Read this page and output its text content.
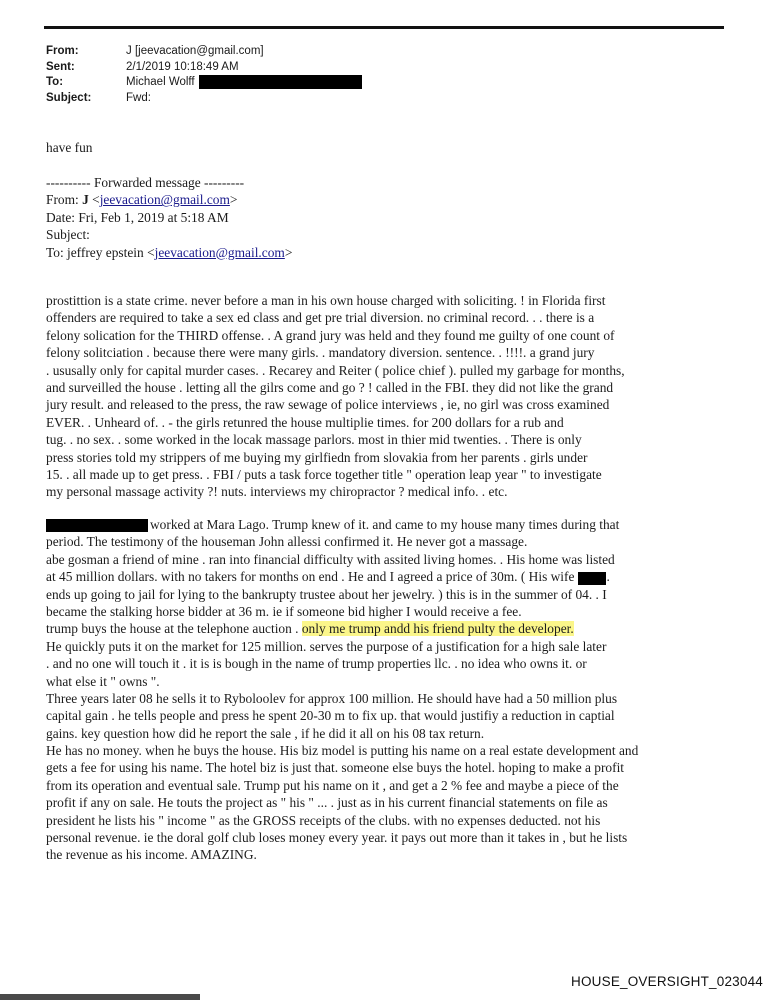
From:	J [jeevacation@gmail.com]
Sent:	2/1/2019 10:18:49 AM
To:	Michael Wolff
Subject:	Fwd:
have fun
---------- Forwarded message ---------
From: J <jeevacation@gmail.com>
Date: Fri, Feb 1, 2019 at 5:18 AM
Subject:
To: jeffrey epstein <jeevacation@gmail.com>
prostittion is a state crime. never before a man in his own house charged with soliciting. ! in Florida first
offenders are required to take a sex ed class and get pre trial diversion. no criminal record. . . there is a
felony solication for the THIRD offense. . A grand jury was held and they found me guilty of one count of
felony solitciation . because there were many girls. . mandatory diversion. sentence. . !!!!. a grand jury
. ususally only for capital murder cases. . Recarey and Reiter ( police chief ). pulled my garbage for months,
and surveilled the house . letting all the gilrs come and go ? ! called in the FBI. they did not like the grand
jury result. and released to the press, the raw sewage of police interviews , ie, no girl was cross examined
EVER. . Unheard of. . - the girls retunred the house multiplie times. for 200 dollars for a rub and
tug. . no sex. . some worked in the locak massage parlors. most in thier mid twenties. . There is only
press stories told my strippers of me buying my girlfiedn from slovakia from her parents . girls under
15. . all made up to get press. . FBI / puts a task force together title " operation leap year " to investigate
my personal massage activity ?! nuts. interviews my chiropractor ? medical info. . etc.
worked at Mara Lago. Trump knew of it. and came to my house many times during that
period. The testimony of the houseman John allessi confirmed it. He never got a massage.
abe gosman a friend of mine . ran into financial difficulty with assited living homes. . His home was listed
at 45 million dollars. with no takers for months on end . He and I agreed a price of 30m. ( His wife .
ends up going to jail for lying to the bankrupty trustee about her jewelry. ) this is in the summer of 04. . I
became the stalking horse bidder at 36 m. ie if someone bid higher I would receive a fee.
trump buys the house at the telephone auction . only me trump andd his friend pulty the developer.
He quickly puts it on the market for 125 million. serves the purpose of a justification for a high sale later
. and no one will touch it . it is is bough in the name of trump properties llc. . no idea who owns it. or
what else it " owns ".
Three years later 08 he sells it to Ryboloolev for approx 100 million. He should have had a 50 million plus
capital gain . he tells people and press he spent 20-30 m to fix up. that would justifiy a reduction in captial
gains. key question how did he report the sale , if he did it all on his 08 tax return.
He has no money. when he buys the house. His biz model is putting his name on a real estate development and
gets a fee for using his name. The hotel biz is just that. someone else buys the hotel. hoping to make a profit
from its operation and eventual sale. Trump put his name on it , and get a 2 % fee and maybe a piece of the
profit if any on sale. He touts the project as " his " ... . just as in his current financial statements on file as
president he lists his " income " as the GROSS receipts of the clubs. with no expenses deducted. not his
personal revenue. ie the doral golf club loses money every year. it pays out more than it takes in , but he lists
the revenue as his income. AMAZING.
HOUSE_OVERSIGHT_023044
